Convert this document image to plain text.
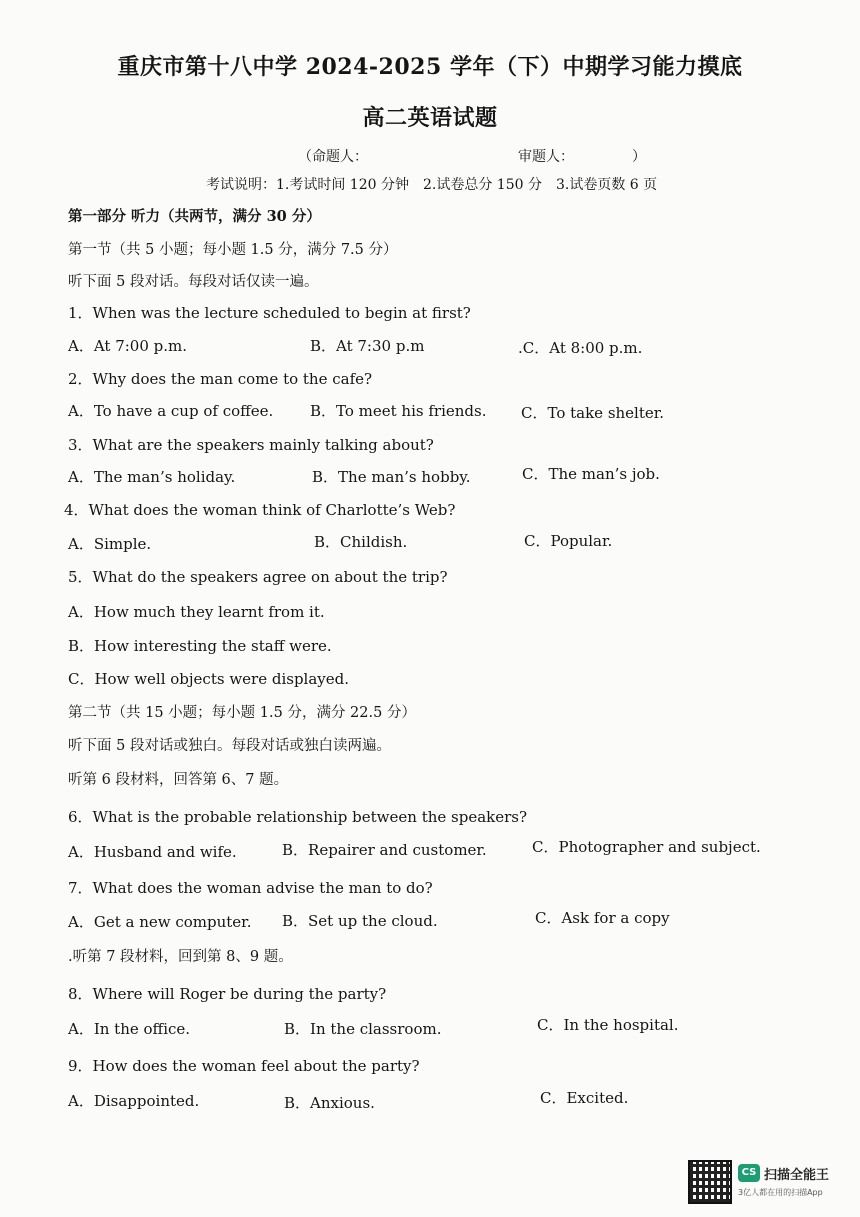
重庆市第十八中学 2024-2025 学年（下）中期学习能力摸底
高二英语试题
（命题人：	审题人：	）
考试说明：1.考试时间 120 分钟 2.试卷总分 150 分 3.试卷页数 6 页
第一部分 听力（共两节，满分 30 分）
第一节（共 5 小题；每小题 1.5 分，满分 7.5 分）
听下面 5 段对话。每段对话仅读一遍。
1．When was the lecture scheduled to begin at first?
A．At 7:00 p.m.	B．At 7:30 p.m	.C．At 8:00 p.m.
2．Why does the man come to the cafe?
A．To have a cup of coffee. B．To meet his friends. C．To take shelter.
3．What are the speakers mainly talking about?
A．The man’s holiday.	B．The man’s hobby.	C．The man’s job.
4．What does the woman think of Charlotte’s Web?
A．Simple.	B．Childish.	C．Popular.
5．What do the speakers agree on about the trip?
A．How much they learnt from it.
B．How interesting the staff were.
C．How well objects were displayed.
第二节（共 15 小题；每小题 1.5 分，满分 22.5 分）
听下面 5 段对话或独白。每段对话或独白读两遍。
听第 6 段材料，回答第 6、7 题。
6．What is the probable relationship between the speakers?
A．Husband and wife.	B．Repairer and customer.	C．Photographer and subject.
7．What does the woman advise the man to do?
A．Get a new computer. B．Set up the cloud.	C．Ask for a copy
.听第 7 段材料，回到第 8、9 题。
8．Where will Roger be during the party?
A．In the office.	B．In the classroom.	C．In the hospital.
9．How does the woman feel about the party?
A．Disappointed.	B．Anxious.	C．Excited.
CS 扫描全能王
3亿人都在用的扫描App
